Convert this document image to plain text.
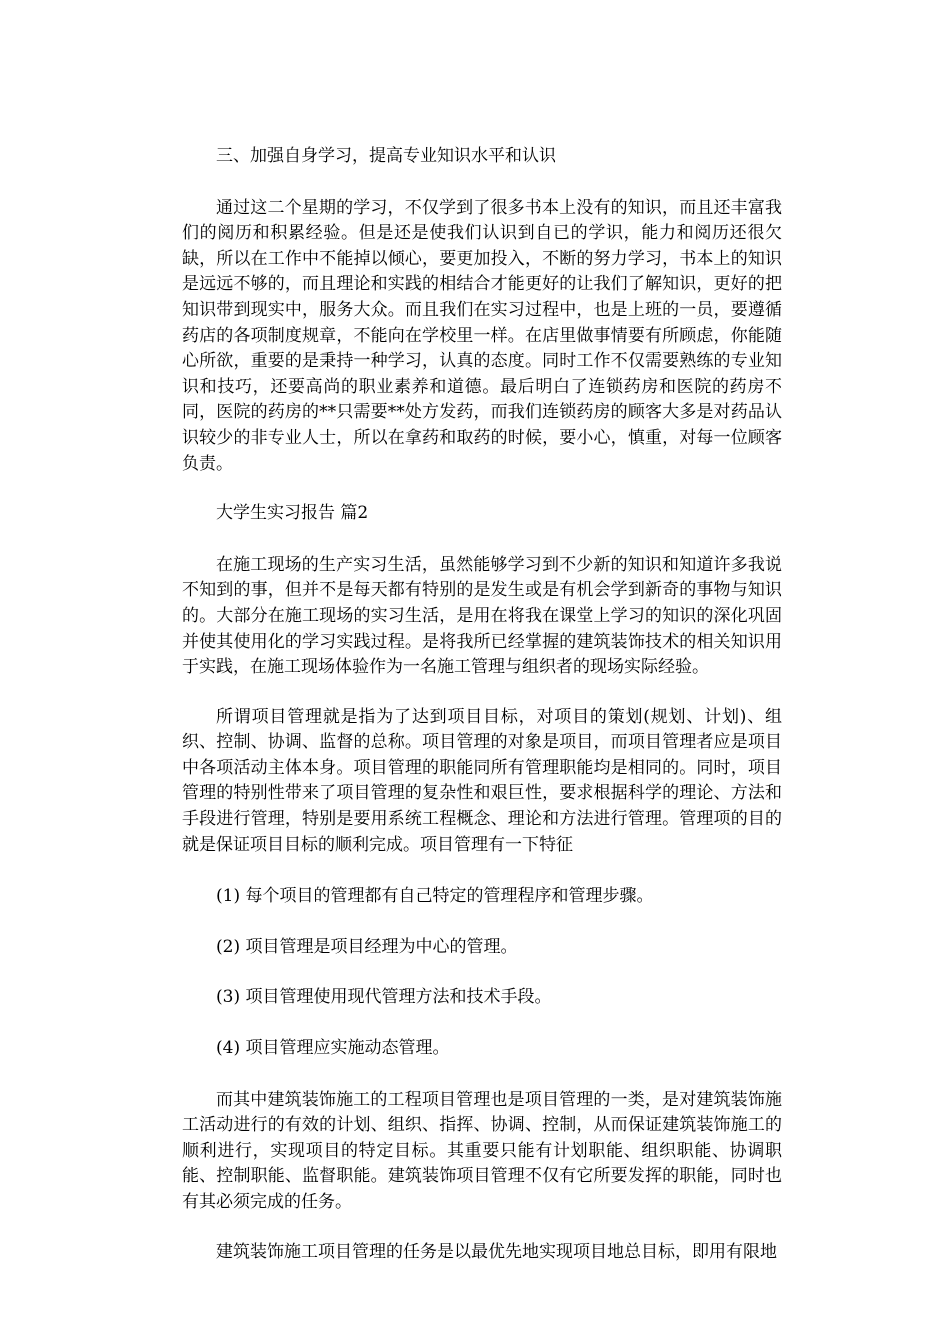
三、加强自身学习，提高专业知识水平和认识

通过这二个星期的学习，不仅学到了很多书本上没有的知识，而且还丰富我们的阅历和积累经验。但是还是使我们认识到自已的学识，能力和阅历还很欠缺，所以在工作中不能掉以倾心，要更加投入，不断的努力学习，书本上的知识是远远不够的，而且理论和实践的相结合才能更好的让我们了解知识，更好的把知识带到现实中，服务大众。而且我们在实习过程中，也是上班的一员，要遵循药店的各项制度规章，不能向在学校里一样。在店里做事情要有所顾虑，你能随心所欲，重要的是秉持一种学习，认真的态度。同时工作不仅需要熟练的专业知识和技巧，还要高尚的职业素养和道德。最后明白了连锁药房和医院的药房不同，医院的药房的**只需要**处方发药，而我们连锁药房的顾客大多是对药品认识较少的非专业人士，所以在拿药和取药的时候，要小心，慎重，对每一位顾客负责。

大学生实习报告 篇2

在施工现场的生产实习生活，虽然能够学习到不少新的知识和知道许多我说不知到的事，但并不是每天都有特别的是发生或是有机会学到新奇的事物与知识的。大部分在施工现场的实习生活，是用在将我在课堂上学习的知识的深化巩固并使其使用化的学习实践过程。是将我所已经掌握的建筑装饰技术的相关知识用于实践，在施工现场体验作为一名施工管理与组织者的现场实际经验。

所谓项目管理就是指为了达到项目目标，对项目的策划(规划、计划)、组织、控制、协调、监督的总称。项目管理的对象是项目，而项目管理者应是项目中各项活动主体本身。项目管理的职能同所有管理职能均是相同的。同时，项目管理的特别性带来了项目管理的复杂性和艰巨性，要求根据科学的理论、方法和手段进行管理，特别是要用系统工程概念、理论和方法进行管理。管理项的目的就是保证项目目标的顺利完成。项目管理有一下特征

(1) 每个项目的管理都有自己特定的管理程序和管理步骤。

(2) 项目管理是项目经理为中心的管理。

(3) 项目管理使用现代管理方法和技术手段。

(4) 项目管理应实施动态管理。

而其中建筑装饰施工的工程项目管理也是项目管理的一类，是对建筑装饰施工活动进行的有效的计划、组织、指挥、协调、控制，从而保证建筑装饰施工的顺利进行，实现项目的特定目标。其重要只能有计划职能、组织职能、协调职能、控制职能、监督职能。建筑装饰项目管理不仅有它所要发挥的职能，同时也有其必须完成的任务。

建筑装饰施工项目管理的任务是以最优先地实现项目地总目标，即用有限地
